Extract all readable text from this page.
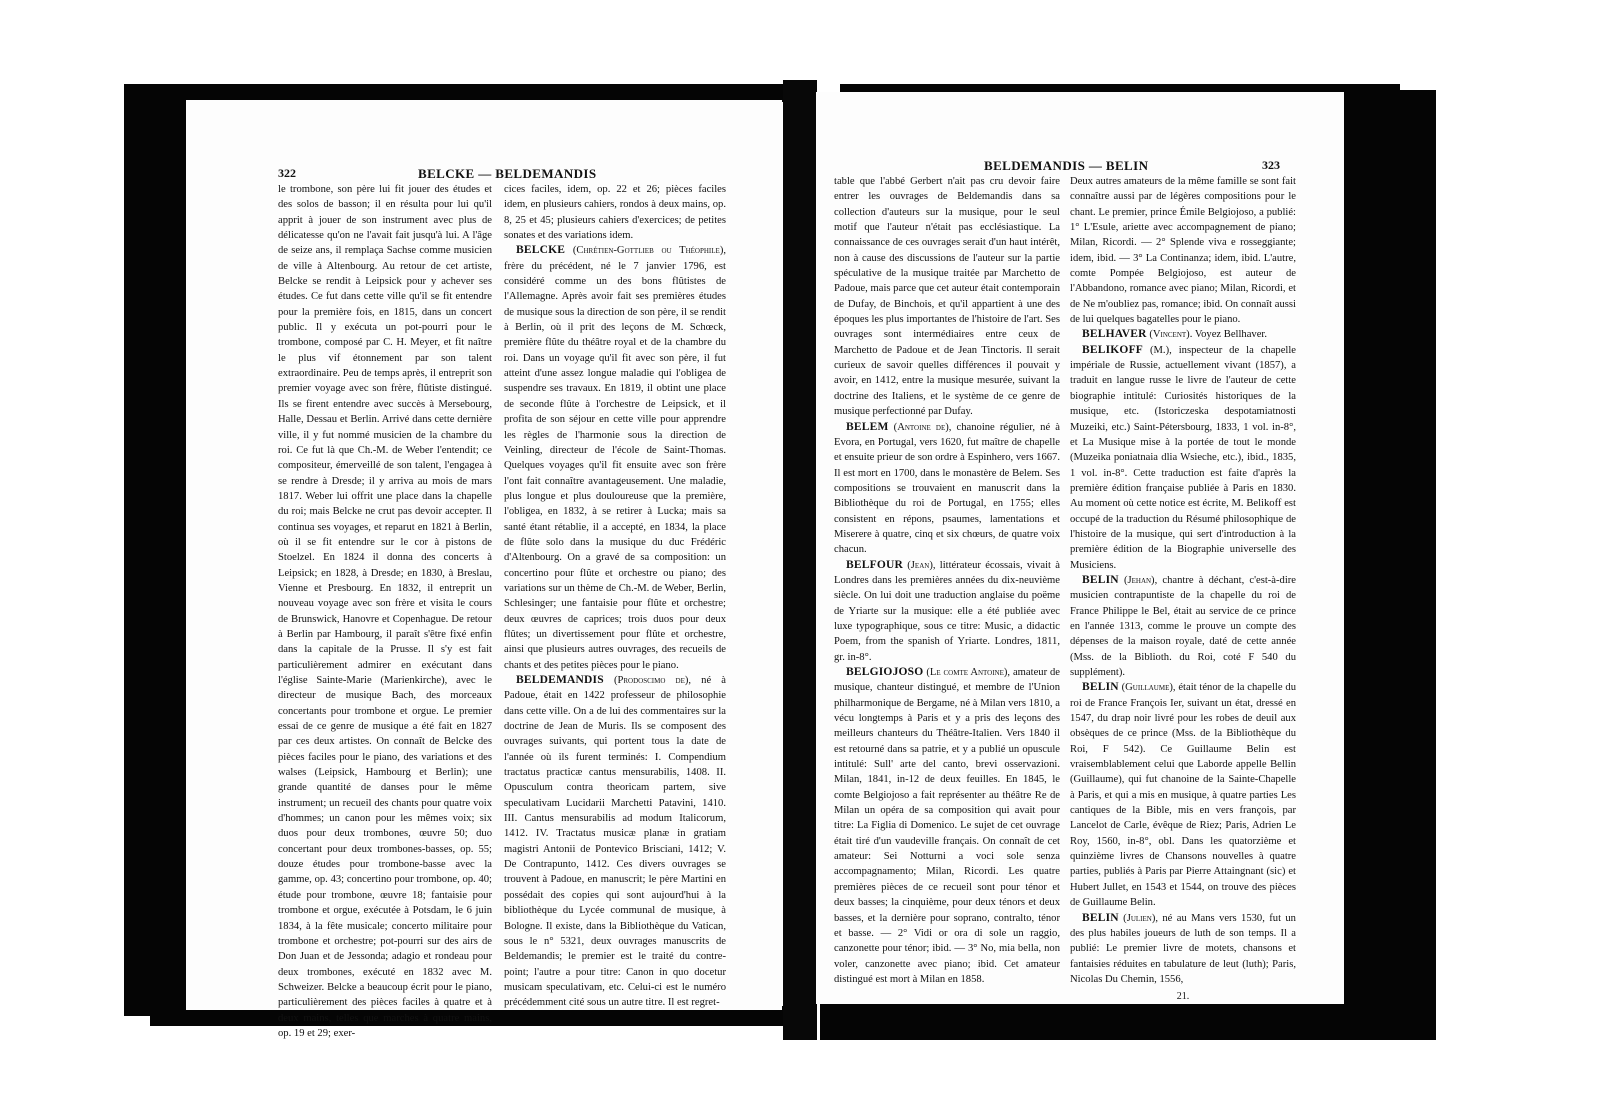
322	BELCKE — BELDEMANDIS

le trombone, son père lui fit jouer des études et des solos de basson; il en résulta pour lui qu'il apprit à jouer de son instrument avec plus de délicatesse qu'on ne l'avait fait jusqu'à lui. A l'âge de seize ans, il remplaça Sachse comme musicien de ville à Altenbourg. Au retour de cet artiste, Belcke se rendit à Leipsick pour y achever ses études. Ce fut dans cette ville qu'il se fit entendre pour la première fois, en 1815, dans un concert public. Il y exécuta un pot-pourri pour le trombone, composé par C. H. Meyer, et fit naître le plus vif étonnement par son talent extraordinaire. Peu de temps après, il entreprit son premier voyage avec son frère, flûtiste distingué. Ils se firent entendre avec succès à Mersebourg, Halle, Dessau et Berlin. Arrivé dans cette dernière ville, il y fut nommé musicien de la chambre du roi. Ce fut là que Ch.-M. de Weber l'entendit; ce compositeur, émerveillé de son talent, l'engagea à se rendre à Dresde; il y arriva au mois de mars 1817. Weber lui offrit une place dans la chapelle du roi; mais Belcke ne crut pas devoir accepter. Il continua ses voyages, et reparut en 1821 à Berlin, où il se fit entendre sur le cor à pistons de Stoelzel. En 1824 il donna des concerts à Leipsick; en 1828, à Dresde; en 1830, à Breslau, Vienne et Presbourg. En 1832, il entreprit un nouveau voyage avec son frère et visita le cours de Brunswick, Hanovre et Copenhague. De retour à Berlin par Hambourg, il paraît s'être fixé enfin dans la capitale de la Prusse. Il s'y est fait particulièrement admirer en exécutant dans l'église Sainte-Marie (Marienkirche), avec le directeur de musique Bach, des morceaux concertants pour trombone et orgue. Le premier essai de ce genre de musique a été fait en 1827 par ces deux artistes. On connaît de Belcke des pièces faciles pour le piano, des variations et des walses (Leipsick, Hambourg et Berlin); une grande quantité de danses pour le même instrument; un recueil des chants pour quatre voix d'hommes; un canon pour les mêmes voix; six duos pour deux trombones, œuvre 50; duo concertant pour deux trombones-basses, op. 55; douze études pour trombone-basse avec la gamme, op. 43; concertino pour trombone, op. 40; étude pour trombone, œuvre 18; fantaisie pour trombone et orgue, exécutée à Potsdam, le 6 juin 1834, à la fête musicale; concerto militaire pour trombone et orchestre; pot-pourri sur des airs de Don Juan et de Jessonda; adagio et rondeau pour deux trombones, exécuté en 1832 avec M. Schweizer. Belcke a beaucoup écrit pour le piano, particulièrement des pièces faciles à quatre et à deux mains, telles que marches à quatre mains, op. 19 et 29; exer-

cices faciles, idem, op. 22 et 26; pièces faciles idem, en plusieurs cahiers, rondos à deux mains, op. 8, 25 et 45; plusieurs cahiers d'exercices; de petites sonates et des variations idem.

BELCKE (Chrétien-Gottlieb ou Théophile), frère du précédent, né le 7 janvier 1796, est considéré comme un des bons flûtistes de l'Allemagne. Après avoir fait ses premières études de musique sous la direction de son père, il se rendit à Berlin, où il prit des leçons de M. Schœck, première flûte du théâtre royal et de la chambre du roi. Dans un voyage qu'il fit avec son père, il fut atteint d'une assez longue maladie qui l'obligea de suspendre ses travaux. En 1819, il obtint une place de seconde flûte à l'orchestre de Leipsick, et il profita de son séjour en cette ville pour apprendre les règles de l'harmonie sous la direction de Veinling, directeur de l'école de Saint-Thomas. Quelques voyages qu'il fit ensuite avec son frère l'ont fait connaître avantageusement. Une maladie, plus longue et plus douloureuse que la première, l'obligea, en 1832, à se retirer à Lucka; mais sa santé étant rétablie, il a accepté, en 1834, la place de flûte solo dans la musique du duc Frédéric d'Altenbourg. On a gravé de sa composition: un concertino pour flûte et orchestre ou piano; des variations sur un thème de Ch.-M. de Weber, Berlin, Schlesinger; une fantaisie pour flûte et orchestre; deux œuvres de caprices; trois duos pour deux flûtes; un divertissement pour flûte et orchestre, ainsi que plusieurs autres ouvrages, des recueils de chants et des petites pièces pour le piano.

BELDEMANDIS (Prodoscimo de), né à Padoue, était en 1422 professeur de philosophie dans cette ville. On a de lui des commentaires sur la doctrine de Jean de Muris. Ils se composent des ouvrages suivants, qui portent tous la date de l'année où ils furent terminés: I. Compendium tractatus practicæ cantus mensurabilis, 1408. II. Opusculum contra theoricam partem, sive speculativam Lucidarii Marchetti Patavini, 1410. III. Cantus mensurabilis ad modum Italicorum, 1412. IV. Tractatus musicæ planæ in gratiam magistri Antonii de Pontevico Brisciani, 1412; V. De Contrapunto, 1412. Ces divers ouvrages se trouvent à Padoue, en manuscrit; le père Martini en possédait des copies qui sont aujourd'hui à la bibliothèque du Lycée communal de musique, à Bologne. Il existe, dans la Bibliothèque du Vatican, sous le n° 5321, deux ouvrages manuscrits de Beldemandis; le premier est le traité du contre-point; l'autre a pour titre: Canon in quo docetur musicam speculativam, etc. Celui-ci est le numéro précédemment cité sous un autre titre. Il est regret-

BELDEMANDIS — BELIN	323

table que l'abbé Gerbert n'ait pas cru devoir faire entrer les ouvrages de Beldemandis dans sa collection d'auteurs sur la musique, pour le seul motif que l'auteur n'était pas ecclésiastique. La connaissance de ces ouvrages serait d'un haut intérêt, non à cause des discussions de l'auteur sur la partie spéculative de la musique traitée par Marchetto de Padoue, mais parce que cet auteur était contemporain de Dufay, de Binchois, et qu'il appartient à une des époques les plus importantes de l'histoire de l'art. Ses ouvrages sont intermédiaires entre ceux de Marchetto de Padoue et de Jean Tinctoris. Il serait curieux de savoir quelles différences il pouvait y avoir, en 1412, entre la musique mesurée, suivant la doctrine des Italiens, et le système de ce genre de musique perfectionné par Dufay.

BELEM (Antoine de), chanoine régulier, né à Evora, en Portugal, vers 1620, fut maître de chapelle et ensuite prieur de son ordre à Espinhero, vers 1667. Il est mort en 1700, dans le monastère de Belem. Ses compositions se trouvaient en manuscrit dans la Bibliothèque du roi de Portugal, en 1755; elles consistent en répons, psaumes, lamentations et Miserere à quatre, cinq et six chœurs, de quatre voix chacun.

BELFOUR (Jean), littérateur écossais, vivait à Londres dans les premières années du dix-neuvième siècle. On lui doit une traduction anglaise du poëme de Yriarte sur la musique: elle a été publiée avec luxe typographique, sous ce titre: Music, a didactic Poem, from the spanish of Yriarte. Londres, 1811, gr. in-8°.

BELGIOJOSO (Le comte Antoine), amateur de musique, chanteur distingué, et membre de l'Union philharmonique de Bergame, né à Milan vers 1810, a vécu longtemps à Paris et y a pris des leçons des meilleurs chanteurs du Théâtre-Italien. Vers 1840 il est retourné dans sa patrie, et y a publié un opuscule intitulé: Sull' arte del canto, brevi osservazioni. Milan, 1841, in-12 de deux feuilles. En 1845, le comte Belgiojoso a fait représenter au théâtre Re de Milan un opéra de sa composition qui avait pour titre: La Figlia di Domenico. Le sujet de cet ouvrage était tiré d'un vaudeville français. On connaît de cet amateur: Sei Notturni a voci sole senza accompagnamento; Milan, Ricordi. Les quatre premières pièces de ce recueil sont pour ténor et deux basses; la cinquième, pour deux ténors et deux basses, et la dernière pour soprano, contralto, ténor et basse. — 2° Vidi or ora di sole un raggio, canzonette pour ténor; ibid. — 3° No, mia bella, non voler, canzonette avec piano; ibid. Cet amateur distingué est mort à Milan en 1858.

Deux autres amateurs de la même famille se sont fait connaître aussi par de légères compositions pour le chant. Le premier, prince Émile Belgiojoso, a publié: 1° L'Esule, ariette avec accompagnement de piano; Milan, Ricordi. — 2° Splende viva e rosseggiante; idem, ibid. — 3° La Continanza; idem, ibid. L'autre, comte Pompée Belgiojoso, est auteur de l'Abbandono, romance avec piano; Milan, Ricordi, et de Ne m'oubliez pas, romance; ibid. On connaît aussi de lui quelques bagatelles pour le piano.

BELHAVER (Vincent). Voyez Bellhaver.

BELIKOFF (M.), inspecteur de la chapelle impériale de Russie, actuellement vivant (1857), a traduit en langue russe le livre de l'auteur de cette biographie intitulé: Curiosités historiques de la musique, etc. (Istoriczeska despotamiatnosti Muzeiki, etc.) Saint-Pétersbourg, 1833, 1 vol. in-8°, et La Musique mise à la portée de tout le monde (Muzeika poniatnaia dlia Wsieche, etc.), ibid., 1835, 1 vol. in-8°. Cette traduction est faite d'après la première édition française publiée à Paris en 1830. Au moment où cette notice est écrite, M. Belikoff est occupé de la traduction du Résumé philosophique de l'histoire de la musique, qui sert d'introduction à la première édition de la Biographie universelle des Musiciens.

BELIN (Jehan), chantre à déchant, c'est-à-dire musicien contrapuntiste de la chapelle du roi de France Philippe le Bel, était au service de ce prince en l'année 1313, comme le prouve un compte des dépenses de la maison royale, daté de cette année (Mss. de la Biblioth. du Roi, coté F 540 du supplément).

BELIN (Guillaume), était ténor de la chapelle du roi de France François Ier, suivant un état, dressé en 1547, du drap noir livré pour les robes de deuil aux obsèques de ce prince (Mss. de la Bibliothèque du Roi, F 542). Ce Guillaume Belin est vraisemblablement celui que Laborde appelle Bellin (Guillaume), qui fut chanoine de la Sainte-Chapelle à Paris, et qui a mis en musique, à quatre parties Les cantiques de la Bible, mis en vers françois, par Lancelot de Carle, évêque de Riez; Paris, Adrien Le Roy, 1560, in-8°, obl. Dans les quatorzième et quinzième livres de Chansons nouvelles à quatre parties, publiés à Paris par Pierre Attaingnant (sic) et Hubert Jullet, en 1543 et 1544, on trouve des pièces de Guillaume Belin.

BELIN (Julien), né au Mans vers 1530, fut un des plus habiles joueurs de luth de son temps. Il a publié: Le premier livre de motets, chansons et fantaisies réduites en tabulature de leut (luth); Paris, Nicolas Du Chemin, 1556,

21.
